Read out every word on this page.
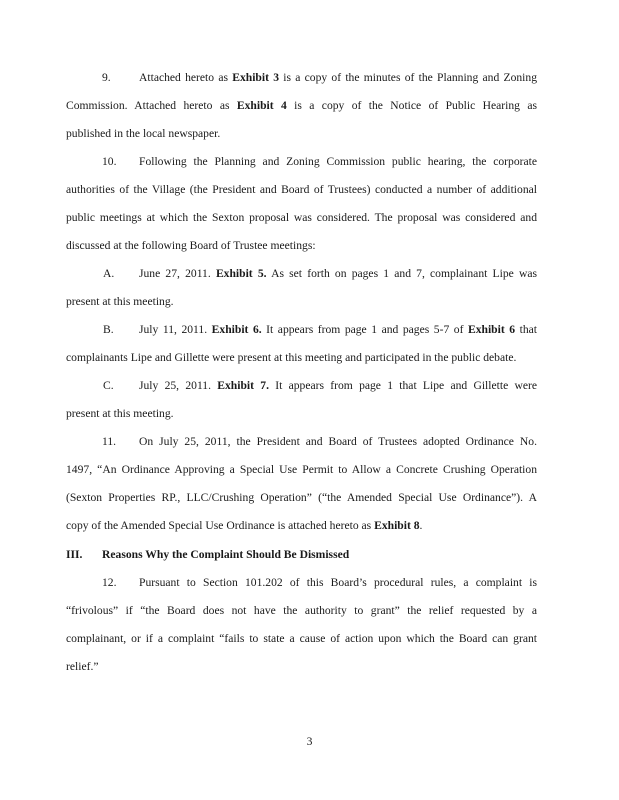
9. Attached hereto as Exhibit 3 is a copy of the minutes of the Planning and Zoning
Commission. Attached hereto as Exhibit 4 is a copy of the Notice of Public Hearing as
published in the local newspaper.
10. Following the Planning and Zoning Commission public hearing, the corporate
authorities of the Village (the President and Board of Trustees) conducted a number of additional
public meetings at which the Sexton proposal was considered. The proposal was considered and
discussed at the following Board of Trustee meetings:
A. June 27, 2011. Exhibit 5. As set forth on pages 1 and 7, complainant Lipe was
present at this meeting.
B. July 11, 2011. Exhibit 6. It appears from page 1 and pages 5-7 of Exhibit 6 that
complainants Lipe and Gillette were present at this meeting and participated in the public debate.
C. July 25, 2011. Exhibit 7. It appears from page 1 that Lipe and Gillette were
present at this meeting.
11. On July 25, 2011, the President and Board of Trustees adopted Ordinance No.
1497, “An Ordinance Approving a Special Use Permit to Allow a Concrete Crushing Operation
(Sexton Properties RP., LLC/Crushing Operation” (“the Amended Special Use Ordinance”). A
copy of the Amended Special Use Ordinance is attached hereto as Exhibit 8.
III. Reasons Why the Complaint Should Be Dismissed
12. Pursuant to Section 101.202 of this Board’s procedural rules, a complaint is
“frivolous” if “the Board does not have the authority to grant” the relief requested by a
complainant, or if a complaint “fails to state a cause of action upon which the Board can grant
relief.”
3
